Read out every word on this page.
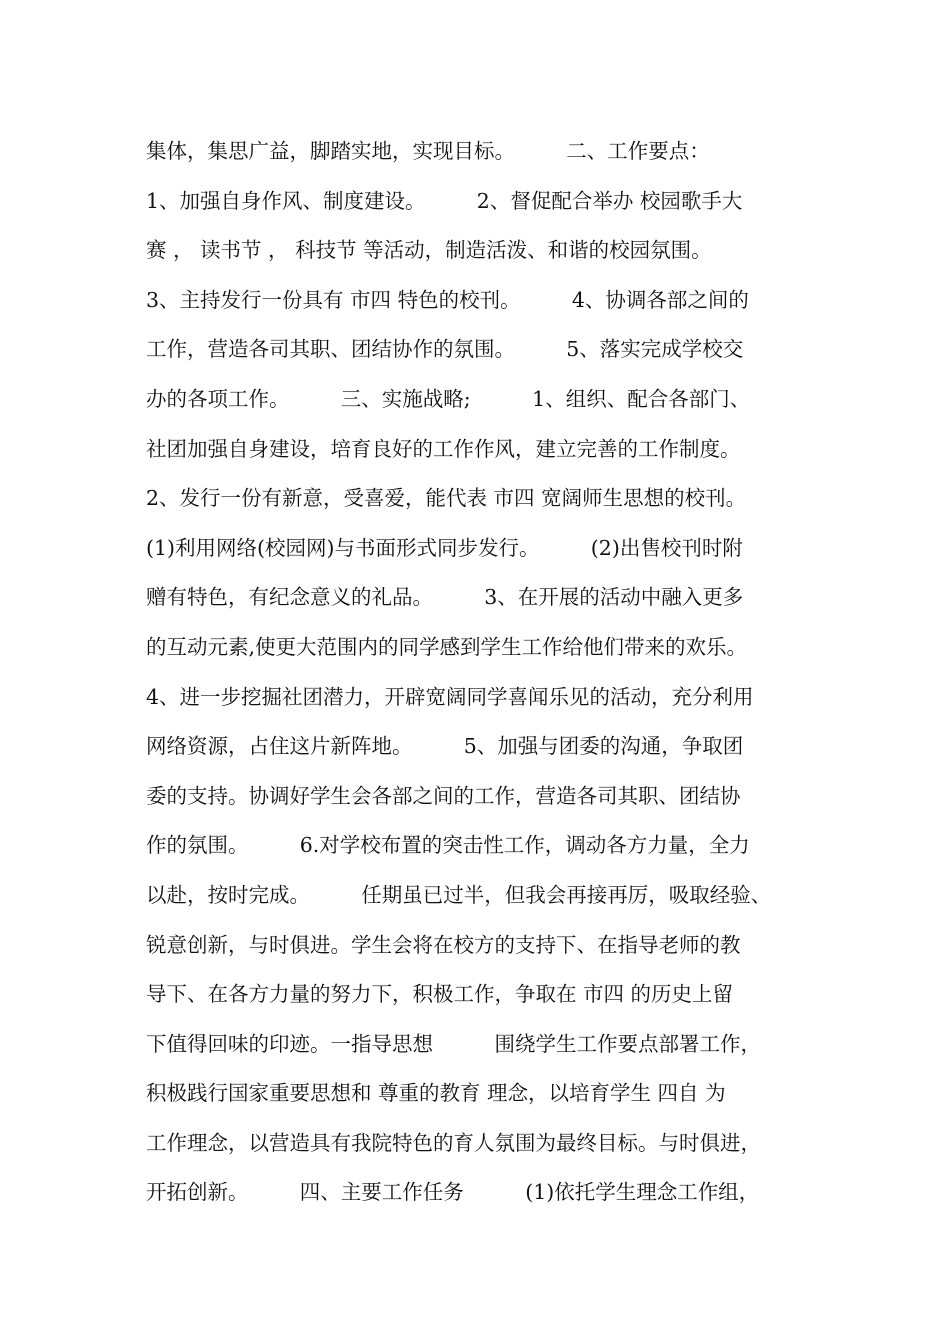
集体，集思广益，脚踏实地，实现目标。　　　二、工作要点：
1、加强自身作风、制度建设。　　　2、督促配合举办 校园歌手大
赛 ， 读书节 ， 科技节 等活动，制造活泼、和谐的校园氛围。
3、主持发行一份具有 市四 特色的校刊。　　　4、协调各部之间的
工作，营造各司其职、团结协作的氛围。　　　5、落实完成学校交
办的各项工作。　　　三、实施战略;　　　1、组织、配合各部门、
社团加强自身建设，培育良好的工作作风，建立完善的工作制度。
2、发行一份有新意，受喜爱，能代表 市四 宽阔师生思想的校刊。
(1)利用网络(校园网)与书面形式同步发行。　　　(2)出售校刊时附
赠有特色，有纪念意义的礼品。　　　3、在开展的活动中融入更多
的互动元素,使更大范围内的同学感到学生工作给他们带来的欢乐。
4、进一步挖掘社团潜力，开辟宽阔同学喜闻乐见的活动，充分利用
网络资源，占住这片新阵地。　　　5、加强与团委的沟通，争取团
委的支持。协调好学生会各部之间的工作，营造各司其职、团结协
作的氛围。　　　6.对学校布置的突击性工作，调动各方力量，全力
以赴，按时完成。　　　任期虽已过半，但我会再接再厉，吸取经验、
锐意创新，与时俱进。学生会将在校方的支持下、在指导老师的教
导下、在各方力量的努力下，积极工作，争取在 市四 的历史上留
下值得回味的印迹。一指导思想　　　围绕学生工作要点部署工作，
积极践行国家重要思想和 尊重的教育 理念，以培育学生 四自 为
工作理念，以营造具有我院特色的育人氛围为最终目标。与时俱进，
开拓创新。　　　四、主要工作任务　　　(1)依托学生理念工作组，
